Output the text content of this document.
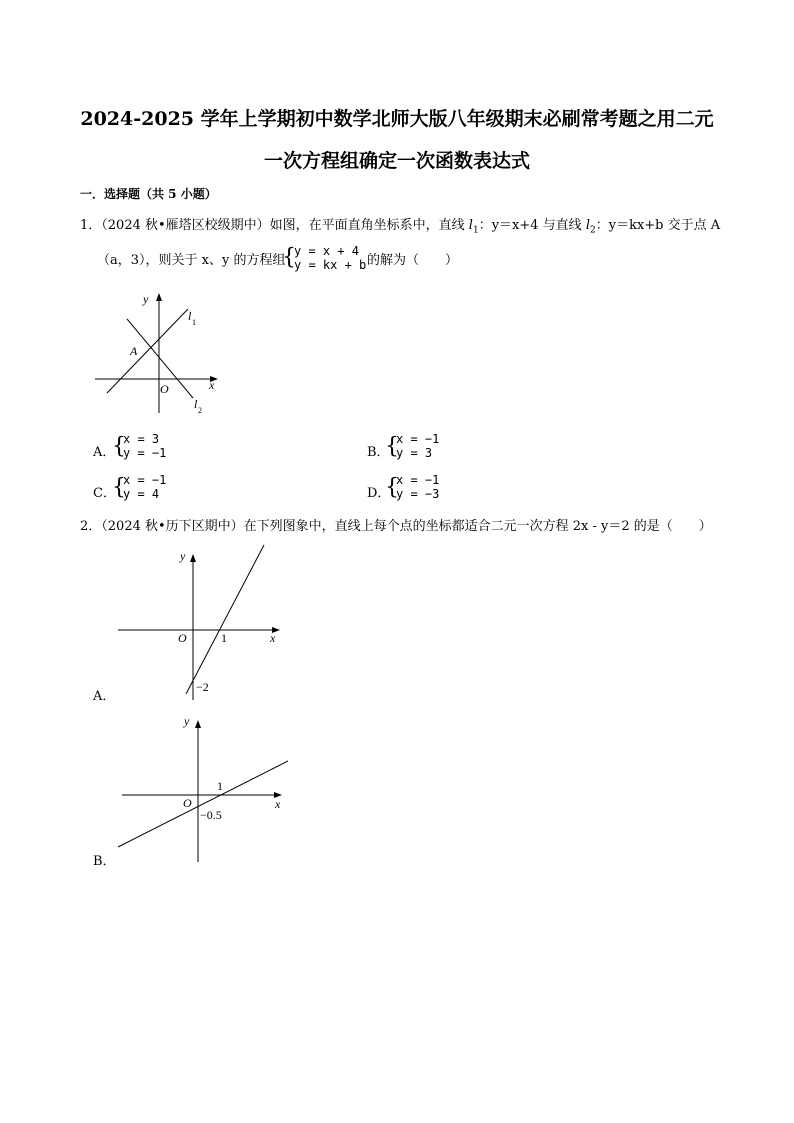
2024-2025 学年上学期初中数学北师大版八年级期末必刷常考题之用二元
一次方程组确定一次函数表达式
一．选择题（共 5 小题）
1．（2024 秋•雁塔区校级期中）如图，在平面直角坐标系中，直线 $l_1$：y＝x+4 与直线 $l_2$：y＝kx+b 交于点 A
（a，3），则关于 x、y 的方程组
{
y = x + 4
y = kx + b 的解为（　　）
y
x
O
A
l 1
l 2
A．
{
x = 3
y = −1	B．
{
x = −1
y = 3
C．
{
x = −1
y = 4	D．
{
x = −1
y = −3
2．（2024 秋•历下区期中）在下列图象中，直线上每个点的坐标都适合二元一次方程 2x - y＝2 的是（　　）
A．
y
x
O	1
−2
B．
y
x
O
1
−0.5
